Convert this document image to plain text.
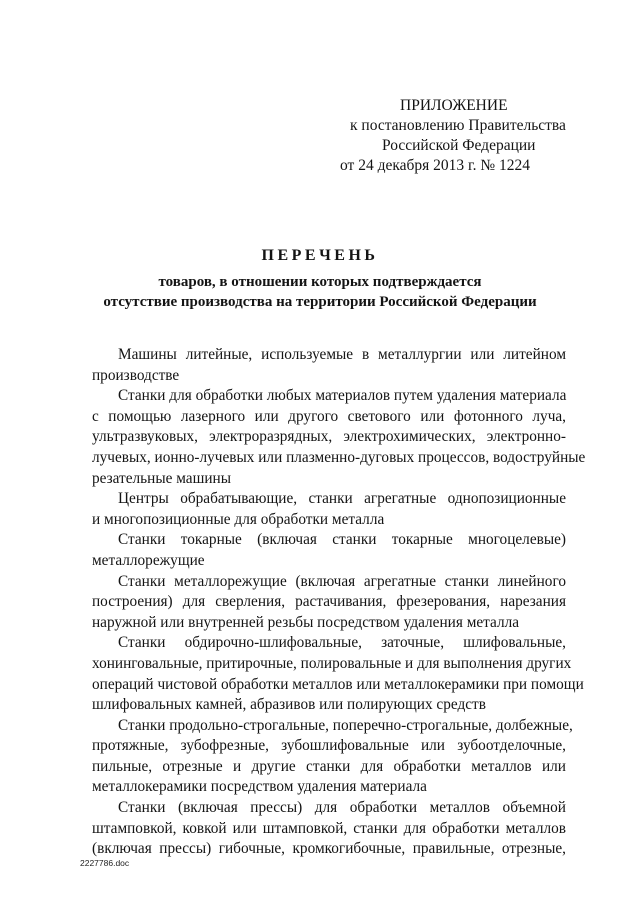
ПРИЛОЖЕНИЕ
к постановлению Правительства
Российской Федерации
от 24 декабря 2013 г. № 1224
ПЕРЕЧЕНЬ
товаров, в отношении которых подтверждается
отсутствие производства на территории Российской Федерации
Машины литейные, используемые в металлургии или литейном
производстве
Станки для обработки любых материалов путем удаления материала
с помощью лазерного или другого светового или фотонного луча,
ультразвуковых, электроразрядных, электрохимических, электронно-
лучевых, ионно-лучевых или плазменно-дуговых процессов, водоструйные
резательные машины
Центры обрабатывающие, станки агрегатные однопозиционные
и многопозиционные для обработки металла
Станки токарные (включая станки токарные многоцелевые)
металлорежущие
Станки металлорежущие (включая агрегатные станки линейного
построения) для сверления, растачивания, фрезерования, нарезания
наружной или внутренней резьбы посредством удаления металла
Станки обдирочно-шлифовальные, заточные, шлифовальные,
хонинговальные, притирочные, полировальные и для выполнения других
операций чистовой обработки металлов или металлокерамики при помощи
шлифовальных камней, абразивов или полирующих средств
Станки продольно-строгальные, поперечно-строгальные, долбежные,
протяжные, зубофрезные, зубошлифовальные или зубоотделочные,
пильные, отрезные и другие станки для обработки металлов или
металлокерамики посредством удаления материала
Станки (включая прессы) для обработки металлов объемной
штамповкой, ковкой или штамповкой, станки для обработки металлов
(включая прессы) гибочные, кромкогибочные, правильные, отрезные,
2227786.doc
